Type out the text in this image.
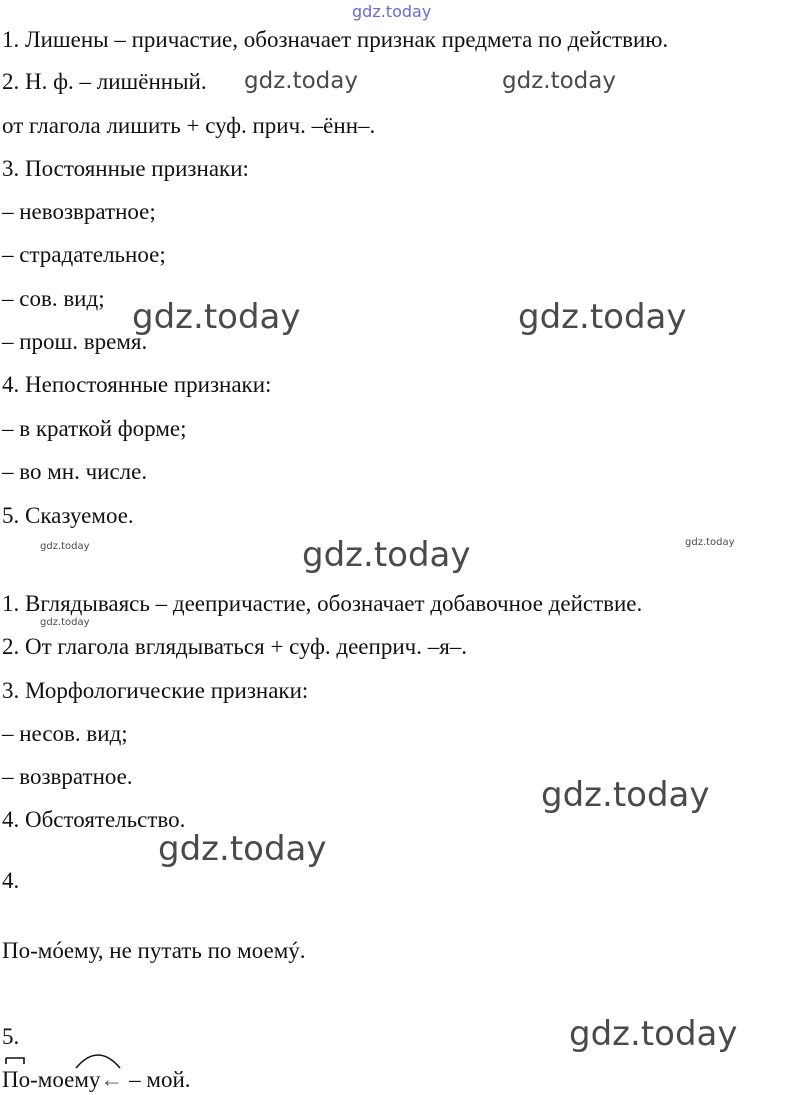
gdz.today
gdz.today	gdz.today
gdz.today	gdz.today
gdz.today	gdz.today	gdz.today
gdz.today
gdz.today
gdz.today
gdz.today
1. Лишены – причастие, обозначает признак предмета по действию.
2. Н. ф. – лишённый.
от глагола лишить + суф. прич. –ённ–.
3. Постоянные признаки:
– невозвратное;
– страдательное;
– сов. вид;
– прош. время.
4. Непостоянные признаки:
– в краткой форме;
– во мн. числе.
5. Сказуемое.
1. Вглядываясь – деепричастие, обозначает добавочное действие.
2. От глагола вглядываться + суф. дееприч. –я–.
3. Морфологические признаки:
– несов. вид;
– возвратное.
4. Обстоятельство.
4.
По-мóему, не путать по моемý.
5.
По-моему← – мой.
